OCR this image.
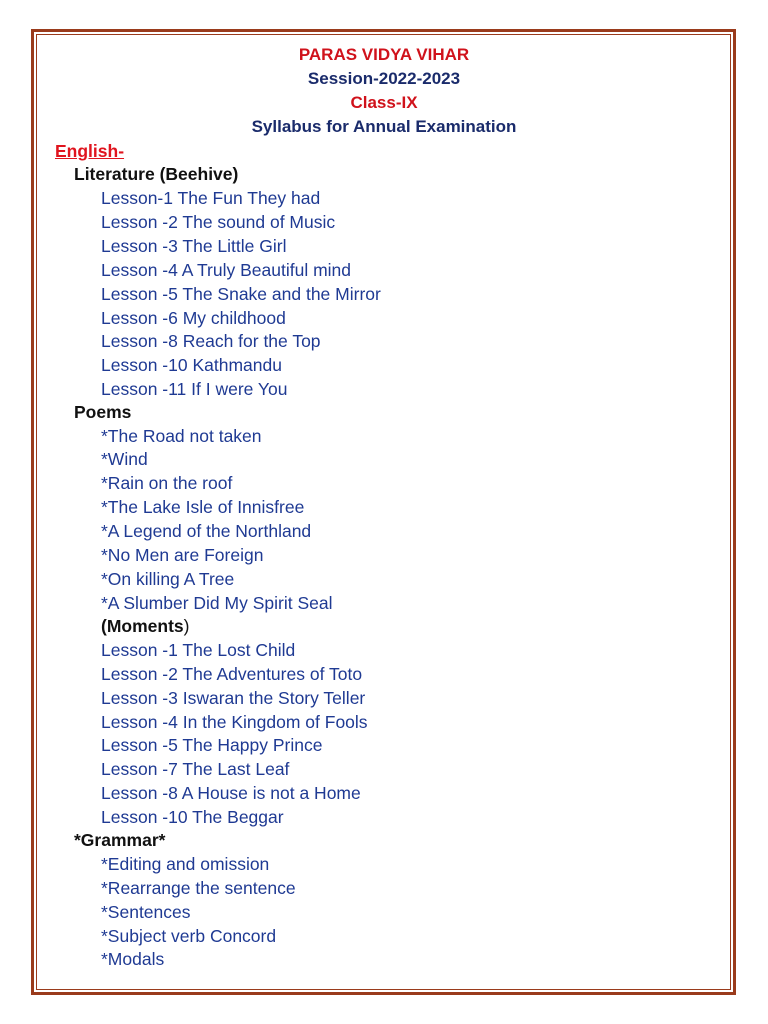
PARAS VIDYA VIHAR
Session-2022-2023
Class-IX
Syllabus for Annual Examination
English-
Literature (Beehive)
Lesson-1 The Fun They had
Lesson -2 The sound of Music
Lesson -3 The Little Girl
Lesson -4 A Truly Beautiful mind
Lesson -5 The Snake and the Mirror
Lesson -6 My childhood
Lesson -8 Reach for the Top
Lesson -10 Kathmandu
Lesson -11 If I were You
Poems
*The Road not taken
*Wind
*Rain on the roof
*The Lake Isle of Innisfree
*A Legend of the Northland
*No Men are Foreign
*On killing A Tree
*A Slumber Did My Spirit Seal
(Moments)
Lesson -1 The Lost Child
Lesson -2 The Adventures of Toto
Lesson -3 Iswaran the Story Teller
Lesson -4 In the Kingdom of Fools
Lesson -5 The Happy Prince
Lesson -7 The Last Leaf
Lesson -8 A House is not a Home
Lesson -10 The Beggar
*Grammar*
*Editing and omission
*Rearrange the sentence
*Sentences
*Subject verb Concord
*Modals
